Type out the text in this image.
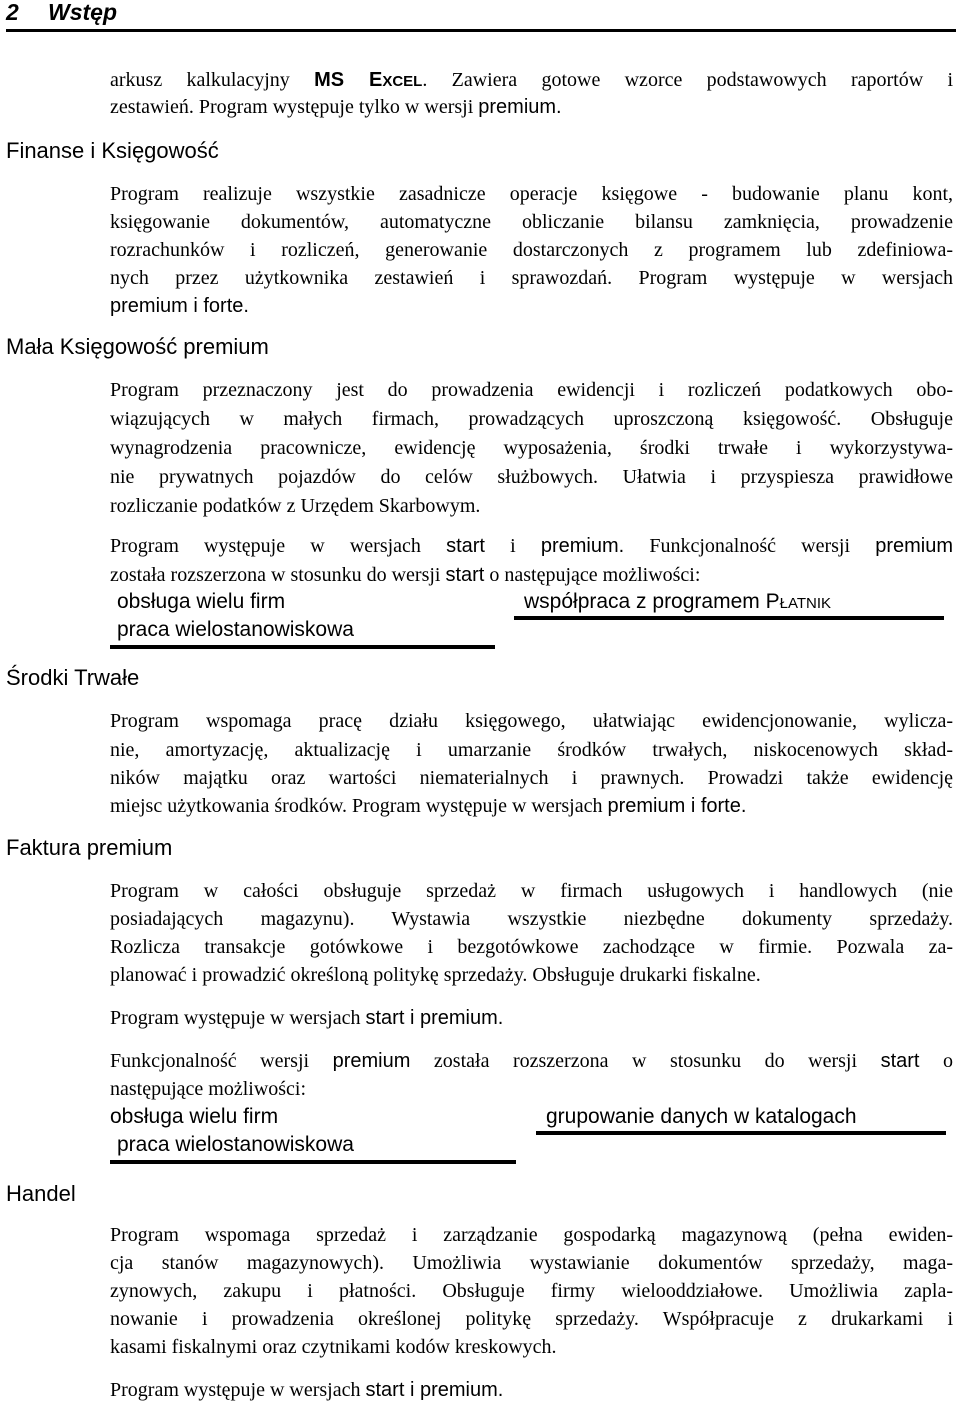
2 Wstęp
arkusz kalkulacyjny MS EXCEL. Zawiera gotowe wzorce podstawowych raportów i
zestawień. Program występuje tylko w wersji premium.
Finanse i Księgowość
Program realizuje wszystkie zasadnicze operacje księgowe - budowanie planu kont,
księgowanie dokumentów, automatyczne obliczanie bilansu zamknięcia, prowadzenie
rozrachunków i rozliczeń, generowanie dostarczonych z programem lub zdefiniowa-
nych przez użytkownika zestawień i sprawozdań. Program występuje w wersjach
premium i forte.
Mała Księgowość premium
Program przeznaczony jest do prowadzenia ewidencji i rozliczeń podatkowych obo-
wiązujących w małych firmach, prowadzących uproszczoną księgowość. Obsługuje
wynagrodzenia pracownicze, ewidencję wyposażenia, środki trwałe i wykorzystywa-
nie prywatnych pojazdów do celów służbowych. Ułatwia i przyspiesza prawidłowe
rozliczanie podatków z Urzędem Skarbowym.
Program występuje w wersjach start i premium. Funkcjonalność wersji premium
została rozszerzona w stosunku do wersji start o następujące możliwości:
obsługa wielu firm	współpraca z programem PŁATNIK
praca wielostanowiskowa
Środki Trwałe
Program wspomaga pracę działu księgowego, ułatwiając ewidencjonowanie, wylicza-
nie, amortyzację, aktualizację i umarzanie środków trwałych, niskocenowych skład-
ników majątku oraz wartości niematerialnych i prawnych. Prowadzi także ewidencję
miejsc użytkowania środków. Program występuje w wersjach premium i forte.
Faktura premium
Program w całości obsługuje sprzedaż w firmach usługowych i handlowych (nie
posiadających magazynu). Wystawia wszystkie niezbędne dokumenty sprzedaży.
Rozlicza transakcje gotówkowe i bezgotówkowe zachodzące w firmie. Pozwala za-
planować i prowadzić określoną politykę sprzedaży. Obsługuje drukarki fiskalne.
Program występuje w wersjach start i premium.
Funkcjonalność wersji premium została rozszerzona w stosunku do wersji start o
następujące możliwości:
obsługa wielu firm	grupowanie danych w katalogach
praca wielostanowiskowa
Handel
Program wspomaga sprzedaż i zarządzanie gospodarką magazynową (pełna ewiden-
cja stanów magazynowych). Umożliwia wystawianie dokumentów sprzedaży, maga-
zynowych, zakupu i płatności. Obsługuje firmy wielooddziałowe. Umożliwia zapla-
nowanie i prowadzenia określonej politykę sprzedaży. Współpracuje z drukarkami i
kasami fiskalnymi oraz czytnikami kodów kreskowych.
Program występuje w wersjach start i premium.
